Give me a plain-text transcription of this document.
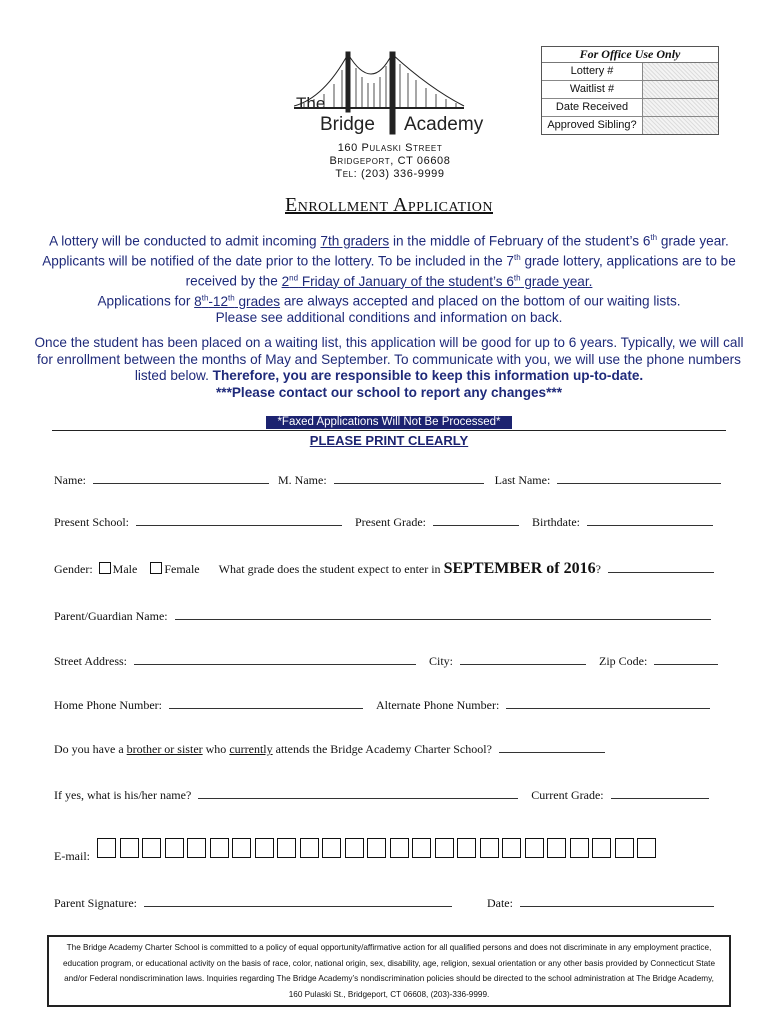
The
Bridge Academy
For Office Use Only
Lottery #
Waitlist #
Date Received
Approved Sibling?
160 Pulaski Street
Bridgeport, CT 06608
Tel: (203) 336-9999
Enrollment Application
A lottery will be conducted to admit incoming 7th graders in the middle of February of the student’s 6th grade year. Applicants will be notified of the date prior to the lottery. To be included in the 7th grade lottery, applications are to be received by the 2nd Friday of January of the student’s 6th grade year.
Applications for 8th-12th grades are always accepted and placed on the bottom of our waiting lists.
Please see additional conditions and information on back.
Once the student has been placed on a waiting list, this application will be good for up to 6 years. Typically, we will call for enrollment between the months of May and September. To communicate with you, we will use the phone numbers listed below. Therefore, you are responsible to keep this information up-to-date.
***Please contact our school to report any changes***
*Faxed Applications Will Not Be Processed*
PLEASE PRINT CLEARLY
Name:	M. Name:	Last Name:
Present School:	Present Grade:	Birthdate:
Gender: Male Female What grade does the student expect to enter in SEPTEMBER of 2016?
Parent/Guardian Name:
Street Address:	City:	Zip Code:
Home Phone Number:	Alternate Phone Number:
Do you have a brother or sister who currently attends the Bridge Academy Charter School?
If yes, what is his/her name?	Current Grade:
E-mail:
Parent Signature:	Date:
The Bridge Academy Charter School is committed to a policy of equal opportunity/affirmative action for all qualified persons and does not discriminate in any employment practice, education program, or educational activity on the basis of race, color, national origin, sex, disability, age, religion, sexual orientation or any other basis provided by Connecticut State and/or Federal nondiscrimination laws. Inquiries regarding The Bridge Academy’s nondiscrimination policies should be directed to the school administration at The Bridge Academy, 160 Pulaski St., Bridgeport, CT 06608, (203)-336-9999.
